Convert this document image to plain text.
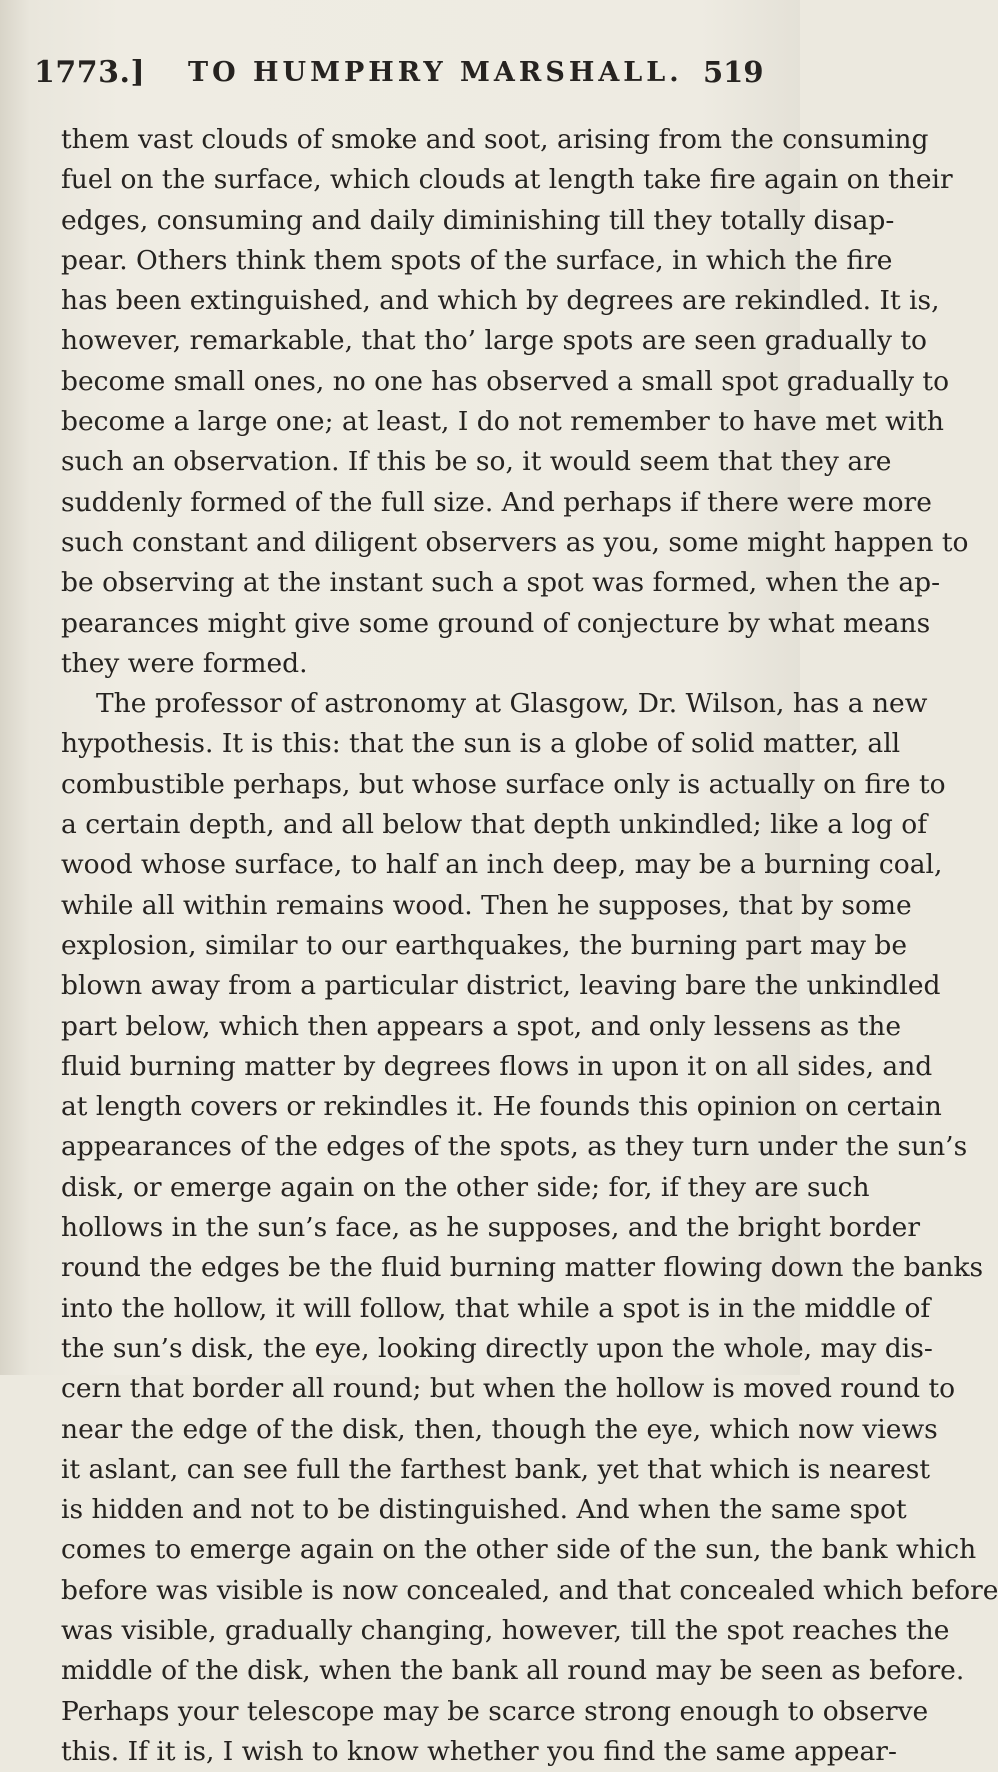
1773.] TO HUMPHRY MARSHALL. 519
them vast clouds of smoke and soot, arising from the consuming
fuel on the surface, which clouds at length take fire again on their
edges, consuming and daily diminishing till they totally disap-
pear. Others think them spots of the surface, in which the fire
has been extinguished, and which by degrees are rekindled. It is,
however, remarkable, that tho’ large spots are seen gradually to
become small ones, no one has observed a small spot gradually to
become a large one; at least, I do not remember to have met with
such an observation. If this be so, it would seem that they are
suddenly formed of the full size. And perhaps if there were more
such constant and diligent observers as you, some might happen to
be observing at the instant such a spot was formed, when the ap-
pearances might give some ground of conjecture by what means
they were formed.
The professor of astronomy at Glasgow, Dr. Wilson, has a new
hypothesis. It is this: that the sun is a globe of solid matter, all
combustible perhaps, but whose surface only is actually on fire to
a certain depth, and all below that depth unkindled; like a log of
wood whose surface, to half an inch deep, may be a burning coal,
while all within remains wood. Then he supposes, that by some
explosion, similar to our earthquakes, the burning part may be
blown away from a particular district, leaving bare the unkindled
part below, which then appears a spot, and only lessens as the
fluid burning matter by degrees flows in upon it on all sides, and
at length covers or rekindles it. He founds this opinion on certain
appearances of the edges of the spots, as they turn under the sun’s
disk, or emerge again on the other side; for, if they are such
hollows in the sun’s face, as he supposes, and the bright border
round the edges be the fluid burning matter flowing down the banks
into the hollow, it will follow, that while a spot is in the middle of
the sun’s disk, the eye, looking directly upon the whole, may dis-
cern that border all round; but when the hollow is moved round to
near the edge of the disk, then, though the eye, which now views
it aslant, can see full the farthest bank, yet that which is nearest
is hidden and not to be distinguished. And when the same spot
comes to emerge again on the other side of the sun, the bank which
before was visible is now concealed, and that concealed which before
was visible, gradually changing, however, till the spot reaches the
middle of the disk, when the bank all round may be seen as before.
Perhaps your telescope may be scarce strong enough to observe
this. If it is, I wish to know whether you find the same appear-
